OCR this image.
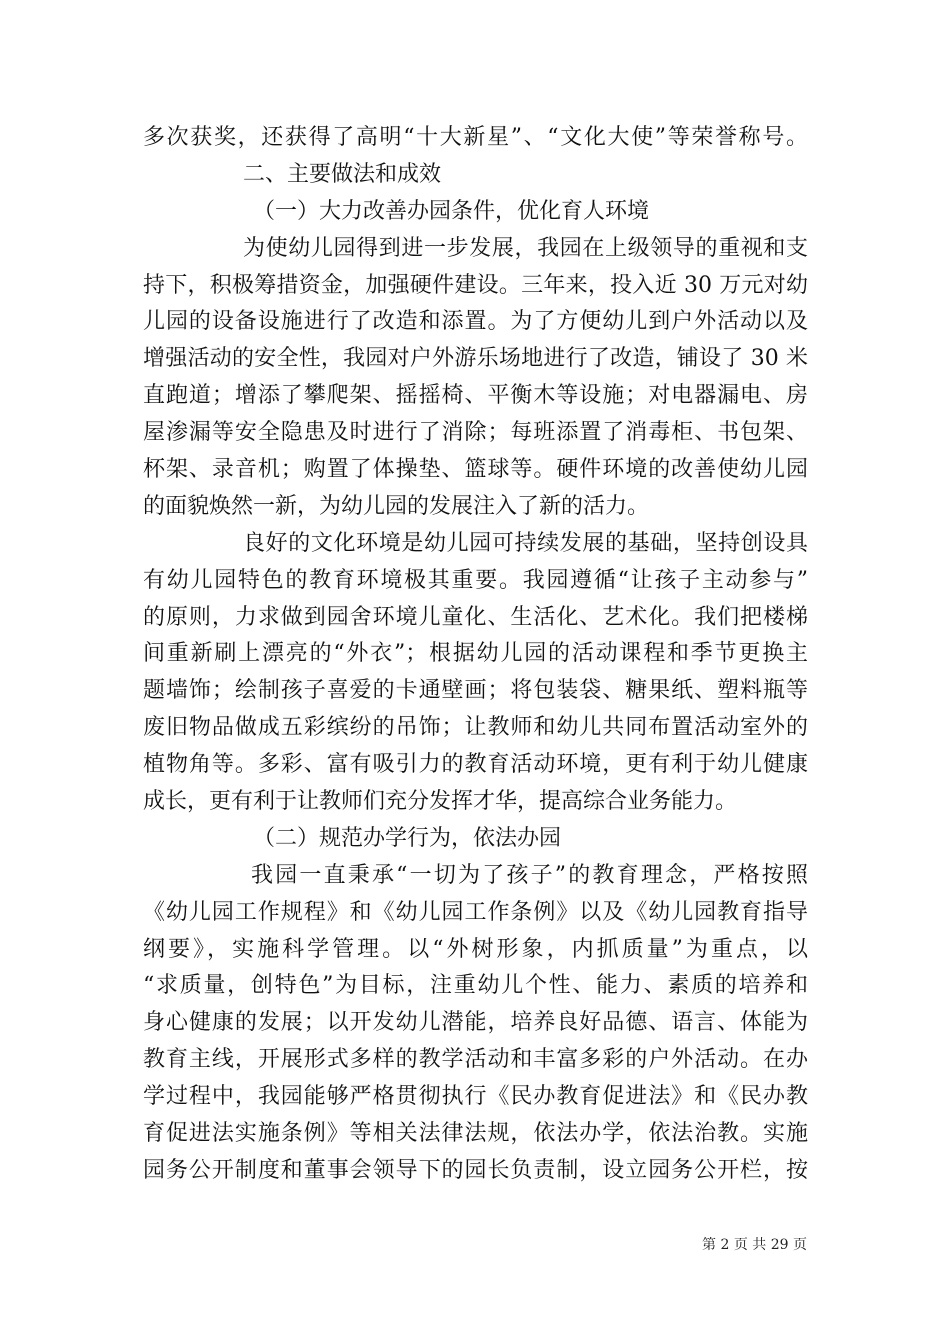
多次获奖，还获得了高明“十大新星”、“文化大使”等荣誉称号。
二、主要做法和成效
（一）大力改善办园条件，优化育人环境
为使幼儿园得到进一步发展，我园在上级领导的重视和支
持下，积极筹措资金，加强硬件建设。三年来，投入近 30 万元对幼
儿园的设备设施进行了改造和添置。为了方便幼儿到户外活动以及
增强活动的安全性，我园对户外游乐场地进行了改造，铺设了 30 米
直跑道；增添了攀爬架、摇摇椅、平衡木等设施；对电器漏电、房
屋渗漏等安全隐患及时进行了消除；每班添置了消毒柜、书包架、
杯架、录音机；购置了体操垫、篮球等。硬件环境的改善使幼儿园
的面貌焕然一新，为幼儿园的发展注入了新的活力。
良好的文化环境是幼儿园可持续发展的基础，坚持创设具
有幼儿园特色的教育环境极其重要。我园遵循“让孩子主动参与”
的原则，力求做到园舍环境儿童化、生活化、艺术化。我们把楼梯
间重新刷上漂亮的“外衣”；根据幼儿园的活动课程和季节更换主
题墙饰；绘制孩子喜爱的卡通壁画；将包装袋、糖果纸、塑料瓶等
废旧物品做成五彩缤纷的吊饰；让教师和幼儿共同布置活动室外的
植物角等。多彩、富有吸引力的教育活动环境，更有利于幼儿健康
成长，更有利于让教师们充分发挥才华，提高综合业务能力。
（二）规范办学行为，依法办园
我园一直秉承“一切为了孩子”的教育理念，严格按照
《幼儿园工作规程》和《幼儿园工作条例》以及《幼儿园教育指导
纲要》，实施科学管理。以“外树形象，内抓质量”为重点，以
“求质量，创特色”为目标，注重幼儿个性、能力、素质的培养和
身心健康的发展；以开发幼儿潜能，培养良好品德、语言、体能为
教育主线，开展形式多样的教学活动和丰富多彩的户外活动。在办
学过程中，我园能够严格贯彻执行《民办教育促进法》和《民办教
育促进法实施条例》等相关法律法规，依法办学，依法治教。实施
园务公开制度和董事会领导下的园长负责制，设立园务公开栏，按
第 2 页 共 29 页
